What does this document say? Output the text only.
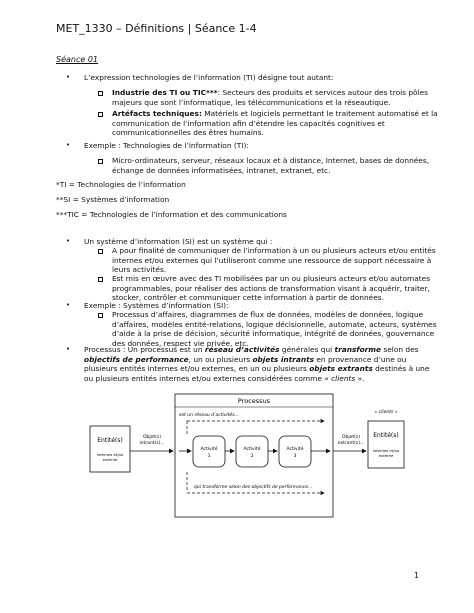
MET_1330 – Définitions | Séance 1-4
Séance 01
• L’expression technologies de l’information (TI) désigne tout autant:
Industrie des TI ou TIC***: Secteurs des produits et services autour des trois pôles
majeurs que sont l’informatique, les télécommunications et la réseautique.
Artéfacts techniques: Matériels et logiciels permettant le traitement automatisé et la
communication de l’information afin d’étendre les capacités cognitives et
communicationnelles des êtres humains.
• Exemple : Technologies de l’information (TI):
Micro-ordinateurs, serveur, réseaux locaux et à distance, Internet, bases de données,
échange de données informatisées, intranet, extranet, etc.
*TI = Technologies de l’information
**SI = Systèmes d’information
***TIC = Technologies de l’information et des communications
• Un système d’information (SI) est un système qui :
A pour finalité de communiquer de l’information à un ou plusieurs acteurs et/ou entités
internes et/ou externes qui l’utiliseront comme une ressource de support nécessaire à
leurs activités.
Est mis en œuvre avec des TI mobilisées par un ou plusieurs acteurs et/ou automates
programmables, pour réaliser des actions de transformation visant à acquérir, traiter,
stocker, contrôler et communiquer cette information à partir de données.
• Exemple : Systèmes d’information (SI):
Processus d’affaires, diagrammes de flux de données, modèles de données, logique
d’affaires, modèles entité-relations, logique décisionnelle, automate, acteurs, systèmes
d’aide à la prise de décision, sécurité informatique, intégrité de données, gouvernance
des données, respect vie privée, etc.
• Processus : Un processus est un réseau d’activités générales qui transforme selon des
objectifs de performance, un ou plusieurs objets intrants en provenance d’une ou
plusieurs entités internes et/ou externes, en un ou plusieurs objets extrants destinés à une
ou plusieurs entités internes et/ou externes considérées comme « clients ».
Processus
est un réseau d’activités...
Activité
1
Activité
2
Activité
3
qui transforme selon des objectifs de performance...
Entité(s)
internes et/ou
externe
Objet(s)
intrant(s)...
« clients »
Entité(s)
internes et/ou
externe
Objet(s)
extrant(s)...
1
